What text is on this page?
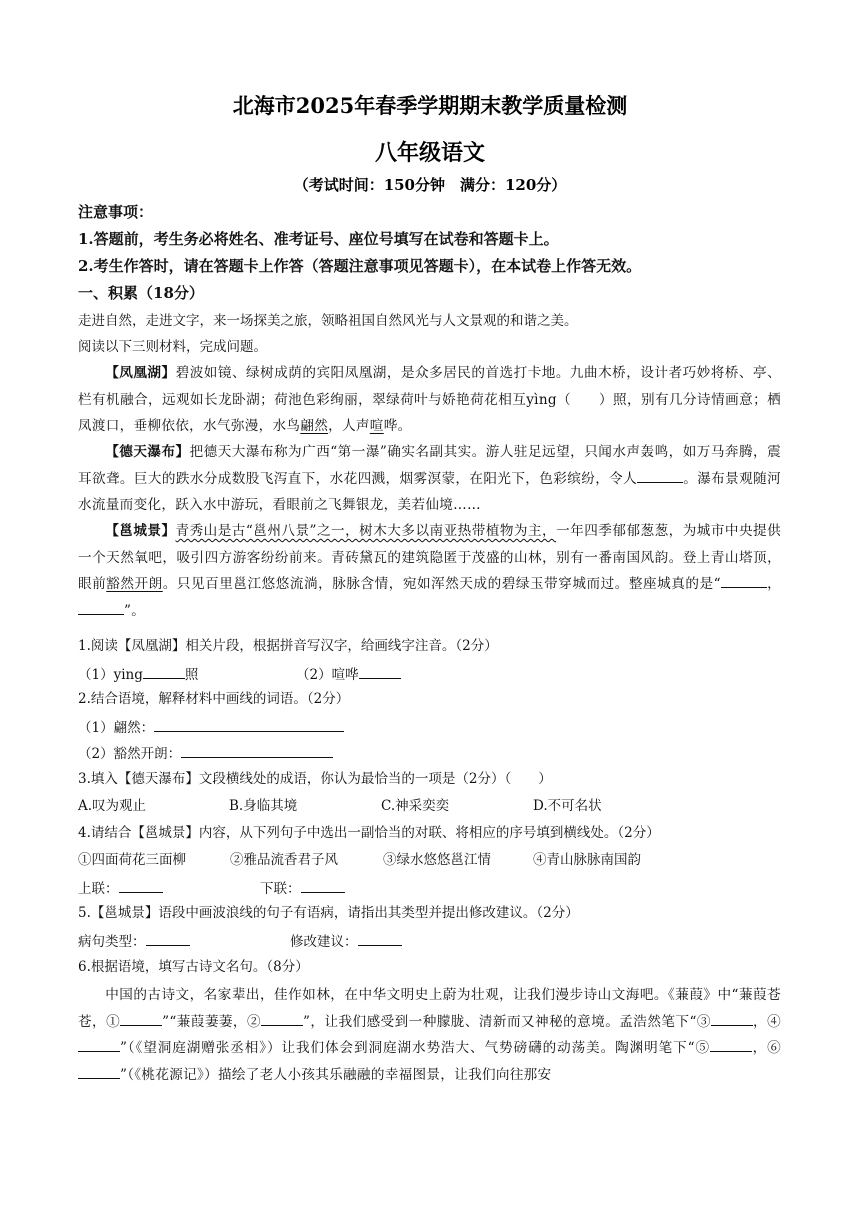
北海市2025年春季学期期末教学质量检测
八年级语文
（考试时间：150分钟　满分：120分）
注意事项：
1.答题前，考生务必将姓名、准考证号、座位号填写在试卷和答题卡上。
2.考生作答时，请在答题卡上作答（答题注意事项见答题卡），在本试卷上作答无效。
一、积累（18分）
走进自然，走进文字，来一场探美之旅，领略祖国自然风光与人文景观的和谐之美。
阅读以下三则材料，完成问题。
【凤凰湖】碧波如镜、绿树成荫的宾阳凤凰湖，是众多居民的首选打卡地。九曲木桥，设计者巧妙将桥、亭、栏有机融合，远观如长龙卧湖；荷池色彩绚丽，翠绿荷叶与娇艳荷花相互yìng（　　）照，别有几分诗情画意；栖凤渡口，垂柳依依，水气弥漫，水鸟翩然，人声喧哗。
【德天瀑布】把德天大瀑布称为广西“第一瀑”确实名副其实。游人驻足远望，只闻水声轰鸣，如万马奔腾，震耳欲聋。巨大的跌水分成数股飞泻直下，水花四溅，烟雾溟蒙，在阳光下，色彩缤纷，令人	。瀑布景观随河水流量而变化，跃入水中游玩，看眼前之飞舞银龙，美若仙境……
【邕城景】青秀山是古“邕州八景”之一，树木大多以南亚热带植物为主，一年四季郁郁葱葱，为城市中央提供一个天然氧吧，吸引四方游客纷纷前来。青砖黛瓦的建筑隐匿于茂盛的山林，别有一番南国风韵。登上青山塔顶，眼前豁然开朗。只见百里邕江悠悠流淌，脉脉含情，宛如浑然天成的碧绿玉带穿城而过。整座城真的是“	，”。
1.阅读【凤凰湖】相关片段，根据拼音写汉字，给画线字注音。（2分）
（1）ying	照	（2）喧哗
2.结合语境，解释材料中画线的词语。（2分）
（1）翩然：
（2）豁然开朗：
3.填入【德天瀑布】文段横线处的成语，你认为最恰当的一项是（2分）（　　）
A.叹为观止	B.身临其境	C.神采奕奕	D.不可名状
4.请结合【邕城景】内容，从下列句子中选出一副恰当的对联、将相应的序号填到横线处。（2分）
①四面荷花三面柳	②雅品流香君子风	③绿水悠悠邕江情	④青山脉脉南国韵
上联：	下联：
5.【邕城景】语段中画波浪线的句子有语病，请指出其类型并提出修改建议。（2分）
病句类型：	修改建议：
6.根据语境，填写古诗文名句。（8分）
中国的古诗文，名家辈出，佳作如林，在中华文明史上蔚为壮观，让我们漫步诗山文海吧。《蒹葭》中“蒹葭苍苍，①	”“蒹葭萋萋，②	”，让我们感受到一种朦胧、清新而又神秘的意境。孟浩然笔下“③	，④”（《望洞庭湖赠张丞相》）让我们体会到洞庭湖水势浩大、气势磅礴的动荡美。陶渊明笔下“⑤	，⑥”（《桃花源记》）描绘了老人小孩其乐融融的幸福图景，让我们向往那安
